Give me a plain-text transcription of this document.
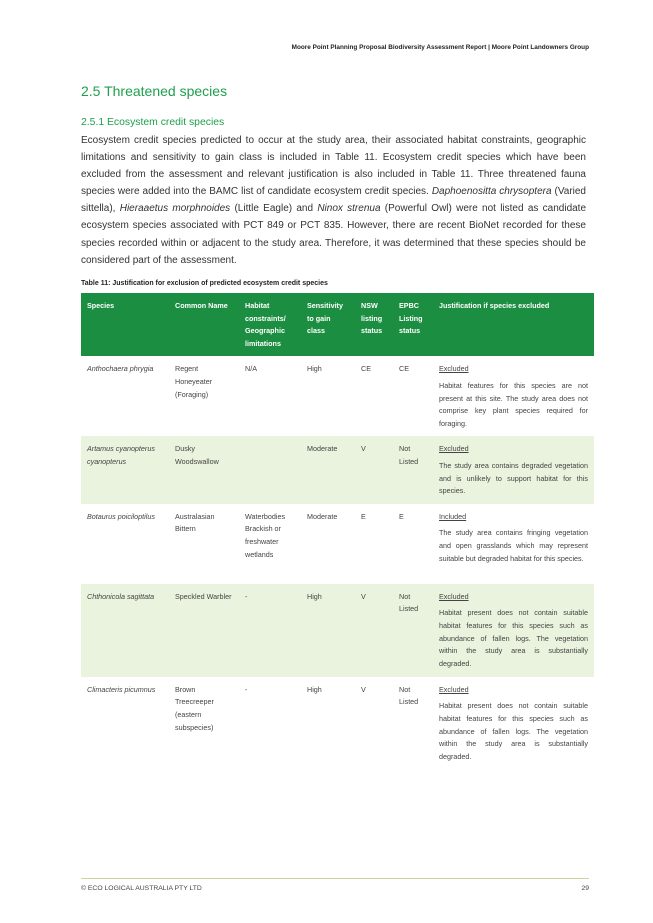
Moore Point Planning Proposal Biodiversity Assessment Report | Moore Point Landowners Group
2.5 Threatened species
2.5.1 Ecosystem credit species
Ecosystem credit species predicted to occur at the study area, their associated habitat constraints, geographic limitations and sensitivity to gain class is included in Table 11. Ecosystem credit species which have been excluded from the assessment and relevant justification is also included in Table 11. Three threatened fauna species were added into the BAMC list of candidate ecosystem credit species. Daphoenositta chrysoptera (Varied sittella), Hieraaetus morphnoides (Little Eagle) and Ninox strenua (Powerful Owl) were not listed as candidate ecosystem species associated with PCT 849 or PCT 835. However, there are recent BioNet recorded for these species recorded within or adjacent to the study area. Therefore, it was determined that these species should be considered part of the assessment.
Table 11: Justification for exclusion of predicted ecosystem credit species
Species	Common Name	Habitat constraints/ Geographic limitations	Sensitivity to gain class	NSW listing status	EPBC Listing status	Justification if species excluded
Anthochaera phrygia	Regent Honeyeater (Foraging)	N/A	High	CE	CE	Excluded
Habitat features for this species are not present at this site. The study area does not comprise key plant species required for foraging.

Artamus cyanopterus cyanopterus	Dusky Woodswallow		Moderate	V	Not Listed	Excluded
The study area contains degraded vegetation and is unlikely to support habitat for this species.

Botaurus poiciloptilus	Australasian Bittern	Waterbodies Brackish or freshwater wetlands	Moderate	E	E	Included
The study area contains fringing vegetation and open grasslands which may represent suitable but degraded habitat for this species.

Chthonicola sagittata	Speckled Warbler	-	High	V	Not Listed	Excluded
Habitat present does not contain suitable habitat features for this species such as abundance of fallen logs. The vegetation within the study area is substantially degraded.

Climacteris picumnus	Brown Treecreeper (eastern subspecies)	-	High	V	Not Listed	Excluded
Habitat present does not contain suitable habitat features for this species such as abundance of fallen logs. The vegetation within the study area is substantially degraded.
© ECO LOGICAL AUSTRALIA PTY LTD	29
